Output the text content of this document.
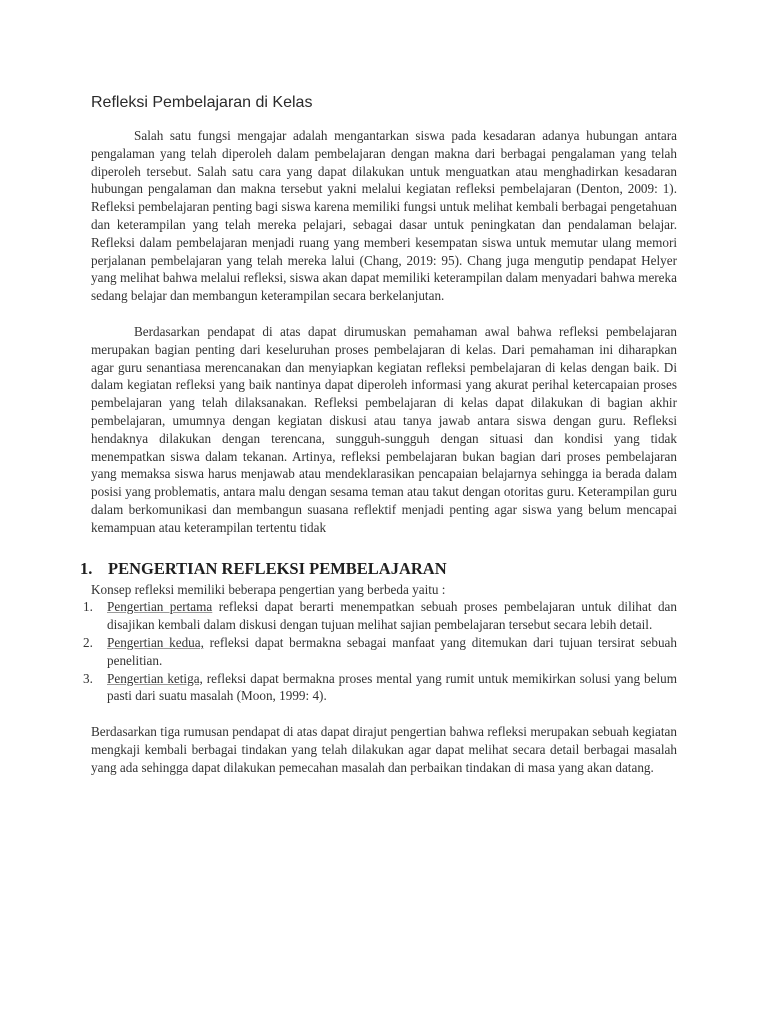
Refleksi Pembelajaran di Kelas

Salah satu fungsi mengajar adalah mengantarkan siswa pada kesadaran adanya hubungan antara pengalaman yang telah diperoleh dalam pembelajaran dengan makna dari berbagai pengalaman yang telah diperoleh tersebut. Salah satu cara yang dapat dilakukan untuk menguatkan atau menghadirkan kesadaran hubungan pengalaman dan makna tersebut yakni melalui kegiatan refleksi pembelajaran (Denton, 2009: 1). Refleksi pembelajaran penting bagi siswa karena memiliki fungsi untuk melihat kembali berbagai pengetahuan dan keterampilan yang telah mereka pelajari, sebagai dasar untuk peningkatan dan pendalaman belajar. Refleksi dalam pembelajaran menjadi ruang yang memberi kesempatan siswa untuk memutar ulang memori perjalanan pembelajaran yang telah mereka lalui (Chang, 2019: 95). Chang juga mengutip pendapat Helyer yang melihat bahwa melalui refleksi, siswa akan dapat memiliki keterampilan dalam menyadari bahwa mereka sedang belajar dan membangun keterampilan secara berkelanjutan.

Berdasarkan pendapat di atas dapat dirumuskan pemahaman awal bahwa refleksi pembelajaran merupakan bagian penting dari keseluruhan proses pembelajaran di kelas. Dari pemahaman ini diharapkan agar guru senantiasa merencanakan dan menyiapkan kegiatan refleksi pembelajaran di kelas dengan baik. Di dalam kegiatan refleksi yang baik nantinya dapat diperoleh informasi yang akurat perihal ketercapaian proses pembelajaran yang telah dilaksanakan. Refleksi pembelajaran di kelas dapat dilakukan di bagian akhir pembelajaran, umumnya dengan kegiatan diskusi atau tanya jawab antara siswa dengan guru. Refleksi hendaknya dilakukan dengan terencana, sungguh-sungguh dengan situasi dan kondisi yang tidak menempatkan siswa dalam tekanan. Artinya, refleksi pembelajaran bukan bagian dari proses pembelajaran yang memaksa siswa harus menjawab atau mendeklarasikan pencapaian belajarnya sehingga ia berada dalam posisi yang problematis, antara malu dengan sesama teman atau takut dengan otoritas guru. Keterampilan guru dalam berkomunikasi dan membangun suasana reflektif menjadi penting agar siswa yang belum mencapai kemampuan atau keterampilan tertentu tidak

1. PENGERTIAN REFLEKSI PEMBELAJARAN

Konsep refleksi memiliki beberapa pengertian yang berbeda yaitu :

1. Pengertian pertama refleksi dapat berarti menempatkan sebuah proses pembelajaran untuk dilihat dan disajikan kembali dalam diskusi dengan tujuan melihat sajian pembelajaran tersebut secara lebih detail.
2. Pengertian kedua, refleksi dapat bermakna sebagai manfaat yang ditemukan dari tujuan tersirat sebuah penelitian.
3. Pengertian ketiga, refleksi dapat bermakna proses mental yang rumit untuk memikirkan solusi yang belum pasti dari suatu masalah (Moon, 1999: 4).

Berdasarkan tiga rumusan pendapat di atas dapat dirajut pengertian bahwa refleksi merupakan sebuah kegiatan mengkaji kembali berbagai tindakan yang telah dilakukan agar dapat melihat secara detail berbagai masalah yang ada sehingga dapat dilakukan pemecahan masalah dan perbaikan tindakan di masa yang akan datang.
